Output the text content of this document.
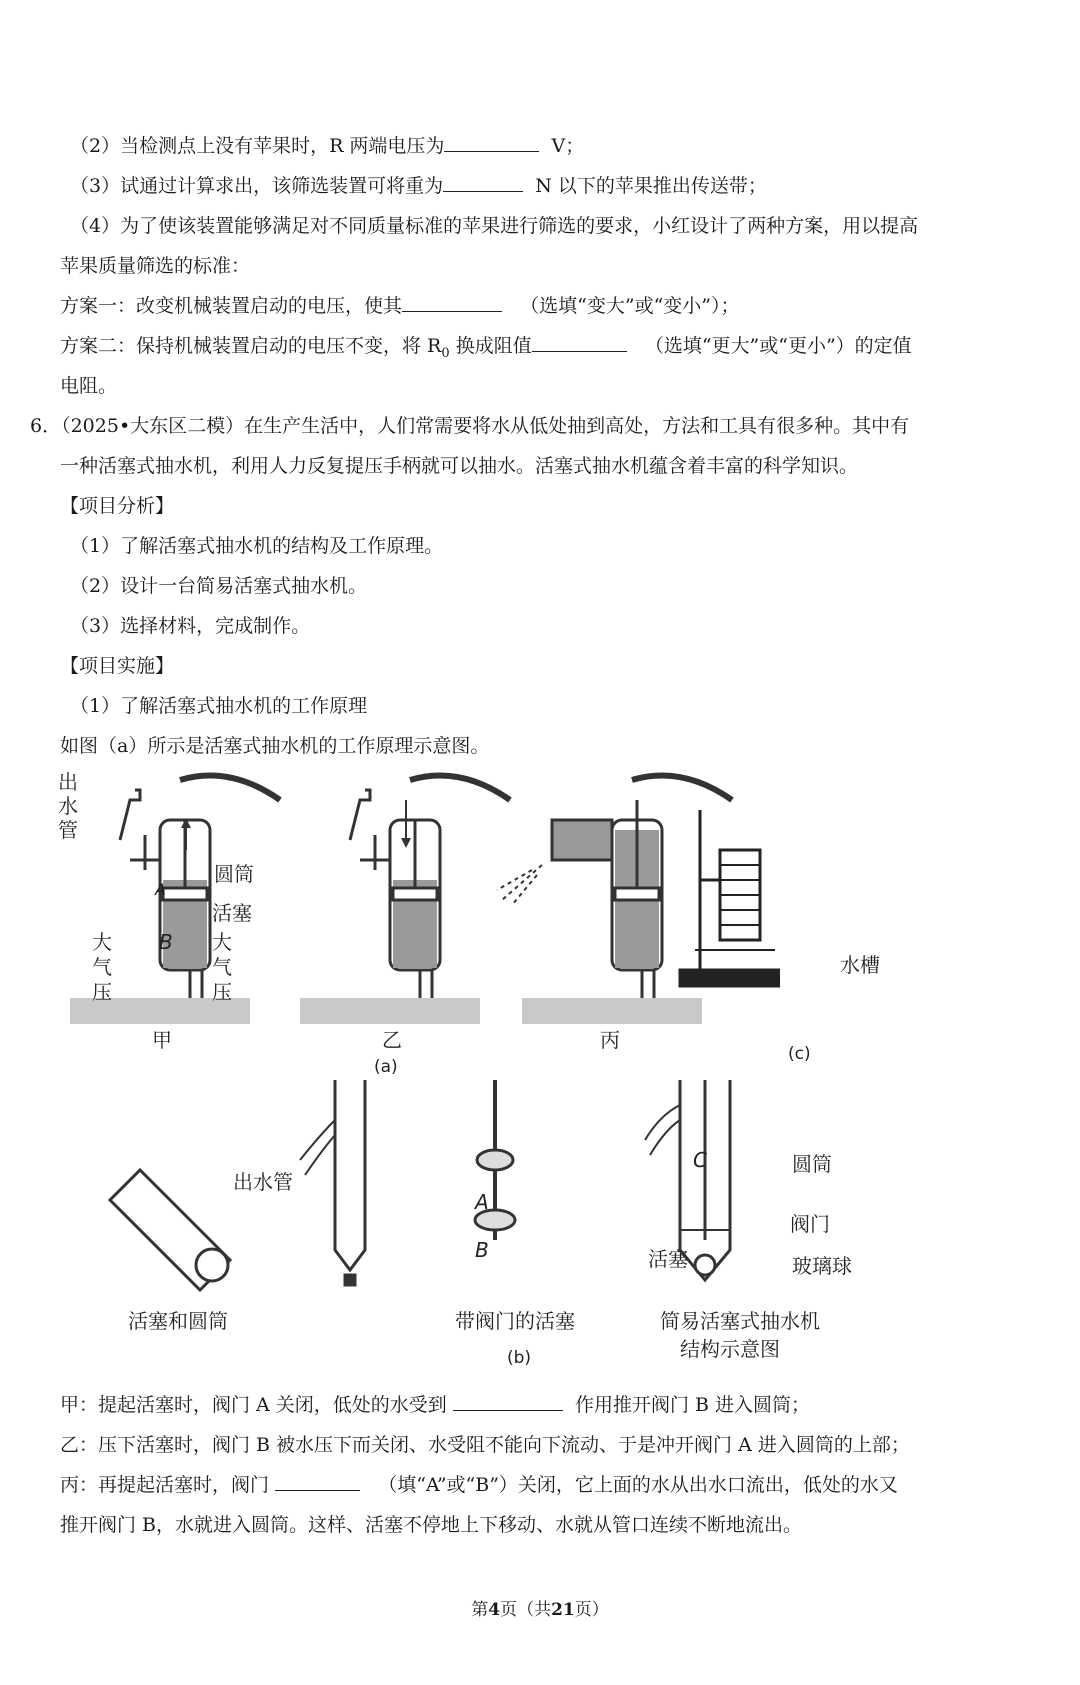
（2）当检测点上没有苹果时，R 两端电压为	V；
（3）试通过计算求出，该筛选装置可将重为	N 以下的苹果推出传送带；
（4）为了使该装置能够满足对不同质量标准的苹果进行筛选的要求，小红设计了两种方案，用以提高
苹果质量筛选的标准：
方案一：改变机械装置启动的电压，使其	（选填“变大”或“变小”）；
方案二：保持机械装置启动的电压不变，将 $R_0$ 换成阻值	（选填“更大”或“更小”）的定值
电阻。
6．（2025•大东区二模）在生产生活中，人们常需要将水从低处抽到高处，方法和工具有很多种。其中有
一种活塞式抽水机，利用人力反复提压手柄就可以抽水。活塞式抽水机蕴含着丰富的科学知识。
【项目分析】
（1）了解活塞式抽水机的结构及工作原理。
（2）设计一台简易活塞式抽水机。
（3）选择材料，完成制作。
【项目实施】
（1）了解活塞式抽水机的工作原理
如图（a）所示是活塞式抽水机的工作原理示意图。
出
水
管
圆筒
活塞
A
B
大
气
压
大
气
压
甲	乙	丙
(a)
水槽
(c)
活塞和圆筒
出水管
A
B
带阀门的活塞
C	圆筒
阀门
活塞	玻璃球
简易活塞式抽水机
结构示意图
(b)
甲：提起活塞时，阀门 A 关闭，低处的水受到	作用推开阀门 B 进入圆筒；
乙：压下活塞时，阀门 B 被水压下而关闭、水受阻不能向下流动、于是冲开阀门 A 进入圆筒的上部；
丙：再提起活塞时，阀门	（填“A”或“B”）关闭，它上面的水从出水口流出，低处的水又
推开阀门 B，水就进入圆筒。这样、活塞不停地上下移动、水就从管口连续不断地流出。
第4页（共21页）
